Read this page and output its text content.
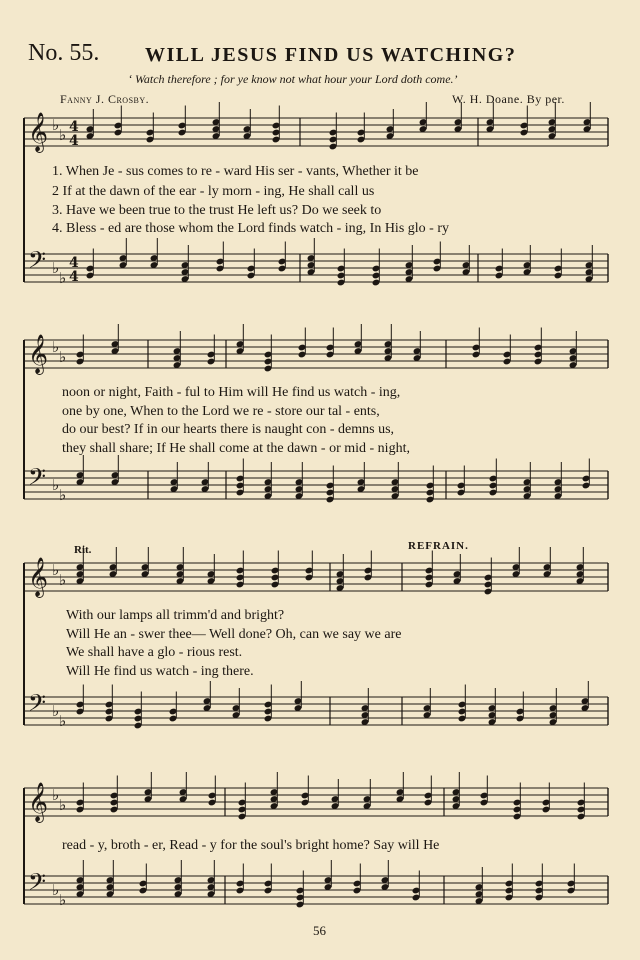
𝄞 ♭
♭ 4
4
𝄢 ♭
♭
4
4
𝄞 ♭
♭
𝄢 ♭
♭
𝄞 ♭
♭
𝄢 ♭
♭
𝄞 ♭
♭
𝄢 ♭
♭
No. 55. WILL JESUS FIND US WATCHING?
‘ Watch therefore ; for ye know not what hour your Lord doth come.’
Fanny J. Crosby.	W. H. Doane. By per.
Rit.	REFRAIN.
1. When Je - sus comes to re - ward His ser - vants, Whether it be
2 If at the dawn of the ear - ly morn - ing, He shall call us
3. Have we been true to the trust He left us? Do we seek to
4. Bless - ed are those whom the Lord finds watch - ing, In His glo - ry
noon or night, Faith - ful to Him will He find us watch - ing,
one by one, When to the Lord we re - store our tal - ents,
do our best? If in our hearts there is naught con - demns us,
they shall share; If He shall come at the dawn - or mid - night,
With our lamps all trimm'd and bright?
Will He an - swer thee— Well done? Oh, can we say we are
We shall have a glo - rious rest.
Will He find us watch - ing there.
read - y, broth - er, Read - y for the soul's bright home? Say will He
56
